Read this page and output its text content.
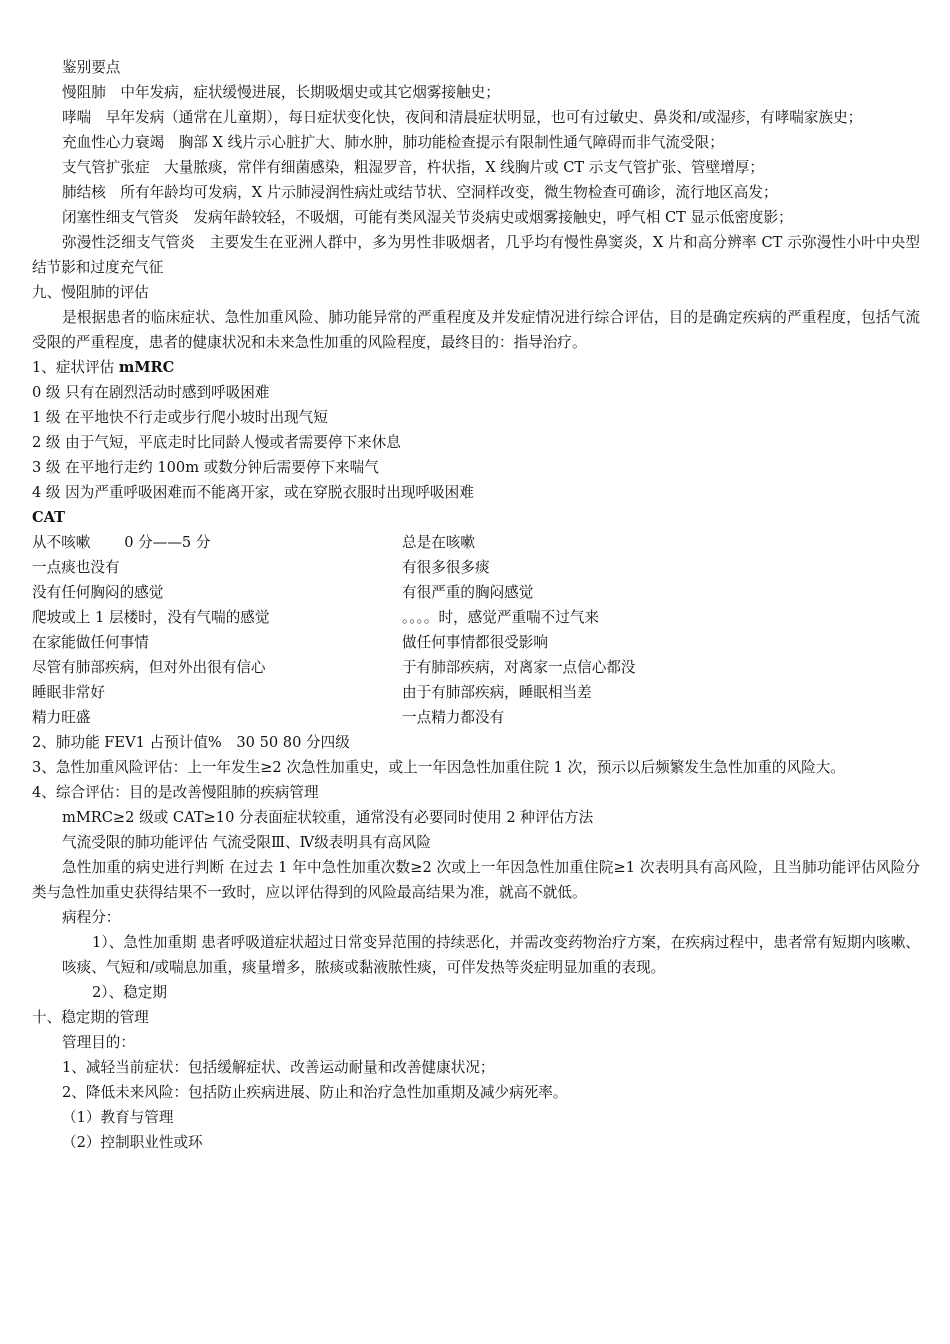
鉴别要点
慢阻肺　中年发病，症状缓慢进展，长期吸烟史或其它烟雾接触史；
哮喘　早年发病（通常在儿童期），每日症状变化快，夜间和清晨症状明显，也可有过敏史、鼻炎和/或湿疹，有哮喘家族史；
充血性心力衰竭　胸部 X 线片示心脏扩大、肺水肿，肺功能检查提示有限制性通气障碍而非气流受限；
支气管扩张症　大量脓痰，常伴有细菌感染，粗湿罗音，杵状指，X 线胸片或 CT 示支气管扩张、管壁增厚；
肺结核　所有年龄均可发病，X 片示肺浸润性病灶或结节状、空洞样改变，微生物检查可确诊，流行地区高发；
闭塞性细支气管炎　发病年龄较轻，不吸烟，可能有类风湿关节炎病史或烟雾接触史，呼气相 CT 显示低密度影；
弥漫性泛细支气管炎　主要发生在亚洲人群中，多为男性非吸烟者，几乎均有慢性鼻窦炎，X 片和高分辨率 CT 示弥漫性小叶中央型结节影和过度充气征
九、慢阻肺的评估
是根据患者的临床症状、急性加重风险、肺功能异常的严重程度及并发症情况进行综合评估，目的是确定疾病的严重程度，包括气流受限的严重程度，患者的健康状况和未来急性加重的风险程度，最终目的：指导治疗。
1、症状评估 mMRC
0 级 只有在剧烈活动时感到呼吸困难
1 级 在平地快不行走或步行爬小坡时出现气短
2 级 由于气短，平底走时比同龄人慢或者需要停下来休息
3 级 在平地行走约 100m 或数分钟后需要停下来喘气
4 级 因为严重呼吸困难而不能离开家，或在穿脱衣服时出现呼吸困难
CAT
从不咳嗽　　 0 分——5 分	总是在咳嗽
一点痰也没有	有很多很多痰
没有任何胸闷的感觉	有很严重的胸闷感觉
爬坡或上 1 层楼时，没有气喘的感觉	。。。。时，感觉严重喘不过气来
在家能做任何事情	做任何事情都很受影响
尽管有肺部疾病，但对外出很有信心	于有肺部疾病，对离家一点信心都没
睡眠非常好	由于有肺部疾病，睡眠相当差
精力旺盛	一点精力都没有
2、肺功能 FEV1 占预计值%　30 50 80 分四级
3、急性加重风险评估：上一年发生≥2 次急性加重史，或上一年因急性加重住院 1 次，预示以后频繁发生急性加重的风险大。
4、综合评估：目的是改善慢阻肺的疾病管理
mMRC≥2 级或 CAT≥10 分表面症状较重，通常没有必要同时使用 2 种评估方法
气流受限的肺功能评估 气流受限Ⅲ、Ⅳ级表明具有高风险
急性加重的病史进行判断 在过去 1 年中急性加重次数≥2 次或上一年因急性加重住院≥1 次表明具有高风险，且当肺功能评估风险分类与急性加重史获得结果不一致时，应以评估得到的风险最高结果为准，就高不就低。
病程分：
1）、急性加重期 患者呼吸道症状超过日常变异范围的持续恶化，并需改变药物治疗方案，在疾病过程中，患者常有短期内咳嗽、咳痰、气短和/或喘息加重，痰量增多，脓痰或黏液脓性痰，可伴发热等炎症明显加重的表现。
2）、稳定期
十、稳定期的管理
管理目的：
1、减轻当前症状：包括缓解症状、改善运动耐量和改善健康状况；
2、降低未来风险：包括防止疾病进展、防止和治疗急性加重期及减少病死率。
（1）教育与管理
（2）控制职业性或环
